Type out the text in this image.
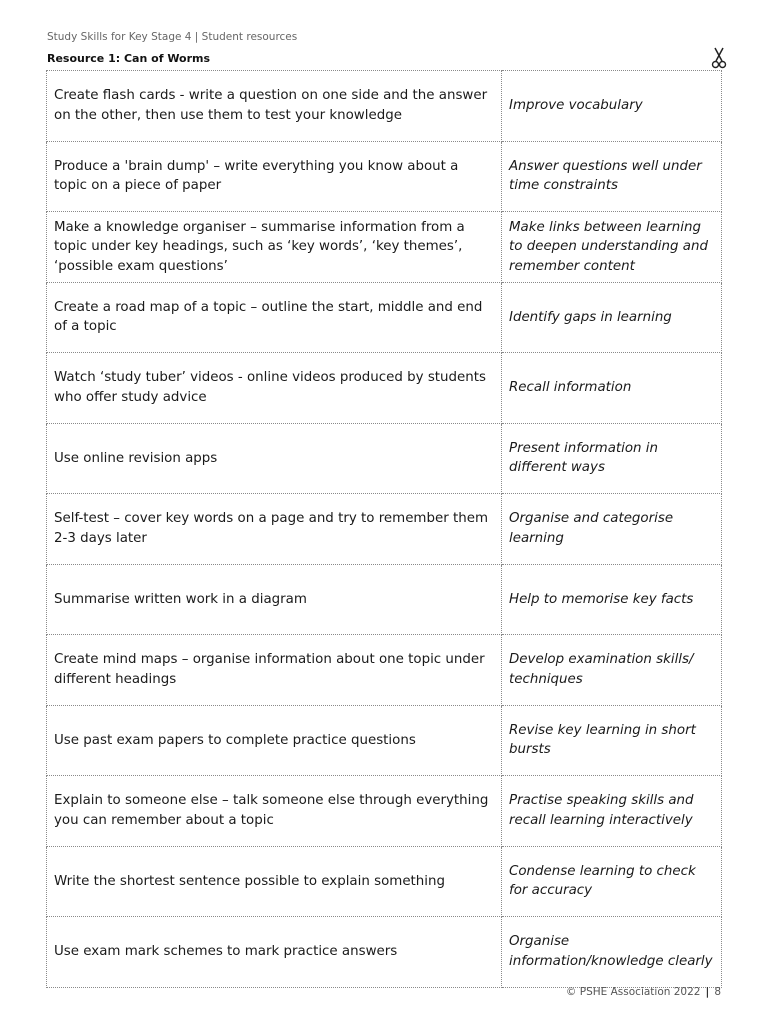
Study Skills for Key Stage 4 | Student resources
Resource 1: Can of Worms
Create flash cards - write a question on one side and the answer on the other, then use them to test your knowledge	Improve vocabulary
Produce a 'brain dump' – write everything you know about a topic on a piece of paper	Answer questions well under time constraints
Make a knowledge organiser – summarise information from a topic under key headings, such as ‘key words’, ‘key themes’, ‘possible exam questions’	Make links between learning to deepen understanding and remember content
Create a road map of a topic – outline the start, middle and end of a topic	Identify gaps in learning
Watch ‘study tuber’ videos - online videos produced by students who offer study advice	Recall information
Use online revision apps	Present information in different ways
Self-test – cover key words on a page and try to remember them 2-3 days later	Organise and categorise learning
Summarise written work in a diagram	Help to memorise key facts
Create mind maps – organise information about one topic under different headings	Develop examination skills/ techniques
Use past exam papers to complete practice questions	Revise key learning in short bursts
Explain to someone else – talk someone else through everything you can remember about a topic	Practise speaking skills and recall learning interactively
Write the shortest sentence possible to explain something	Condense learning to check for accuracy
Use exam mark schemes to mark practice answers	Organise information/knowledge clearly
© PSHE Association 2022 | 8
